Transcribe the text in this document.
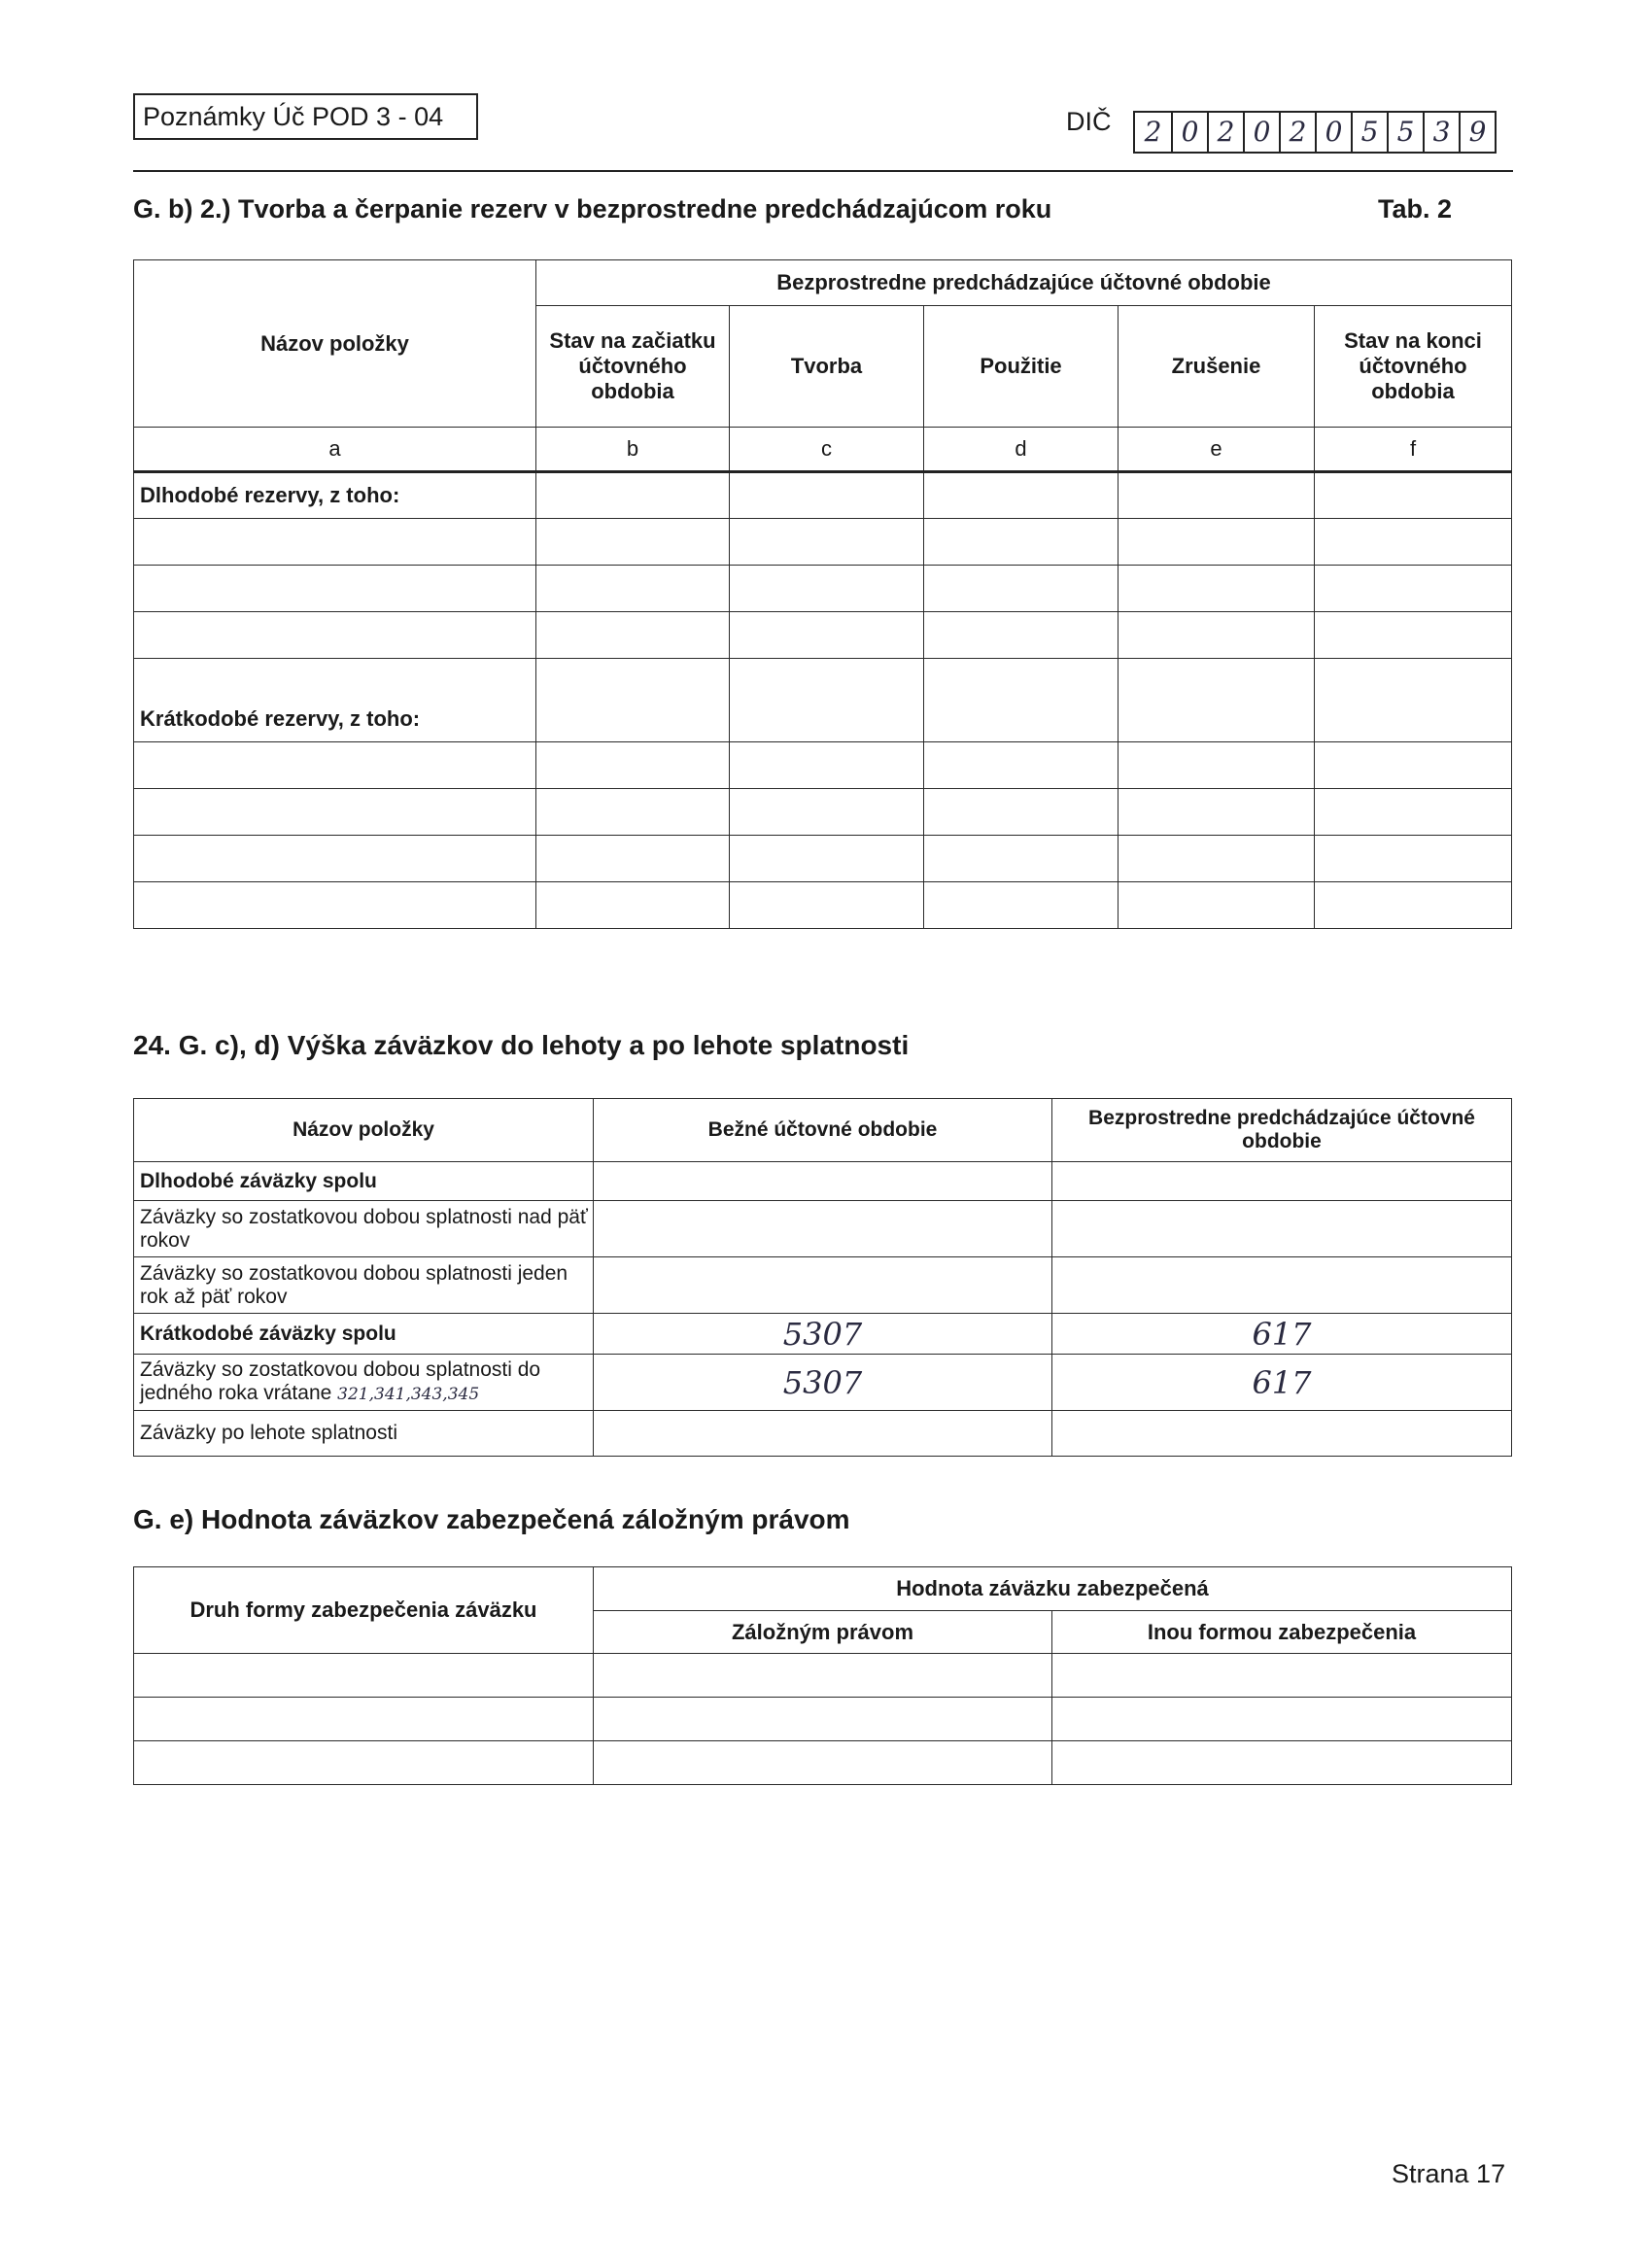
Poznámky Úč POD 3 - 04	DIČ	2 0 2 0 2 0 5 5 3 9
G. b) 2.) Tvorba a čerpanie rezerv v bezprostredne predchádzajúcom roku	Tab. 2
Názov položky	Bezprostredne predchádzajúce účtovné obdobie				
	Stav na začiatku účtovného obdobia	Tvorba	Použitie	Zrušenie	Stav na konci účtovného obdobia
a	b	c	d	e	f
Dlhodobé rezervy, z toho:					

Krátkodobé rezervy, z toho:					

24. G. c), d) Výška záväzkov do lehoty a po lehote splatnosti
Názov položky	Bežné účtovné obdobie	Bezprostredne predchádzajúce účtovné obdobie
Dlhodobé záväzky spolu		
Záväzky so zostatkovou dobou splatnosti nad päť rokov		
Záväzky so zostatkovou dobou splatnosti jeden rok až päť rokov		
Krátkodobé záväzky spolu	5307	617
Záväzky so zostatkovou dobou splatnosti do jedného roka vrátane 321,341,343,345	5307	617
Záväzky po lehote splatnosti		
G. e) Hodnota záväzkov zabezpečená záložným právom
Druh formy zabezpečenia záväzku	Hodnota záväzku zabezpečená	
	Záložným právom	Inou formou zabezpečenia

Strana 17
